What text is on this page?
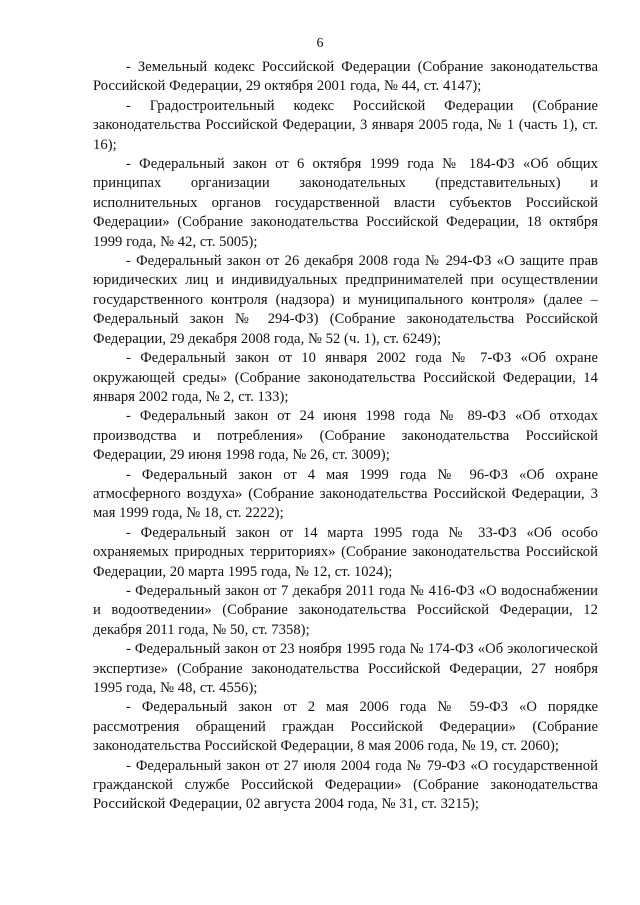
6

- Земельный кодекс Российской Федерации (Собрание законодательства Российской Федерации, 29 октября 2001 года, № 44, ст. 4147);

- Градостроительный кодекс Российской Федерации (Собрание законодательства Российской Федерации, 3 января 2005 года, № 1 (часть 1), ст. 16);

- Федеральный закон от 6 октября 1999 года № 184-ФЗ «Об общих принципах организации законодательных (представительных) и исполнительных органов государственной власти субъектов Российской Федерации» (Собрание законодательства Российской Федерации, 18 октября 1999 года, № 42, ст. 5005);

- Федеральный закон от 26 декабря 2008 года № 294-ФЗ «О защите прав юридических лиц и индивидуальных предпринимателей при осуществлении государственного контроля (надзора) и муниципального контроля» (далее – Федеральный закон № 294-ФЗ) (Собрание законодательства Российской Федерации, 29 декабря 2008 года, № 52 (ч. 1), ст. 6249);

- Федеральный закон от 10 января 2002 года № 7-ФЗ «Об охране окружающей среды» (Собрание законодательства Российской Федерации, 14 января 2002 года, № 2, ст. 133);

- Федеральный закон от 24 июня 1998 года № 89-ФЗ «Об отходах производства и потребления» (Собрание законодательства Российской Федерации, 29 июня 1998 года, № 26, ст. 3009);

- Федеральный закон от 4 мая 1999 года № 96-ФЗ «Об охране атмосферного воздуха» (Собрание законодательства Российской Федерации, 3 мая 1999 года, № 18, ст. 2222);

- Федеральный закон от 14 марта 1995 года № 33-ФЗ «Об особо охраняемых природных территориях» (Собрание законодательства Российской Федерации, 20 марта 1995 года, № 12, ст. 1024);

- Федеральный закон от 7 декабря 2011 года № 416-ФЗ «О водоснабжении и водоотведении» (Собрание законодательства Российской Федерации, 12 декабря 2011 года, № 50, ст. 7358);

- Федеральный закон от 23 ноября 1995 года № 174-ФЗ «Об экологической экспертизе» (Собрание законодательства Российской Федерации, 27 ноября 1995 года, № 48, ст. 4556);

- Федеральный закон от 2 мая 2006 года № 59-ФЗ «О порядке рассмотрения обращений граждан Российской Федерации» (Собрание законодательства Российской Федерации, 8 мая 2006 года, № 19, ст. 2060);

- Федеральный закон от 27 июля 2004 года № 79-ФЗ «О государственной гражданской службе Российской Федерации» (Собрание законодательства Российской Федерации, 02 августа 2004 года, № 31, ст. 3215);
